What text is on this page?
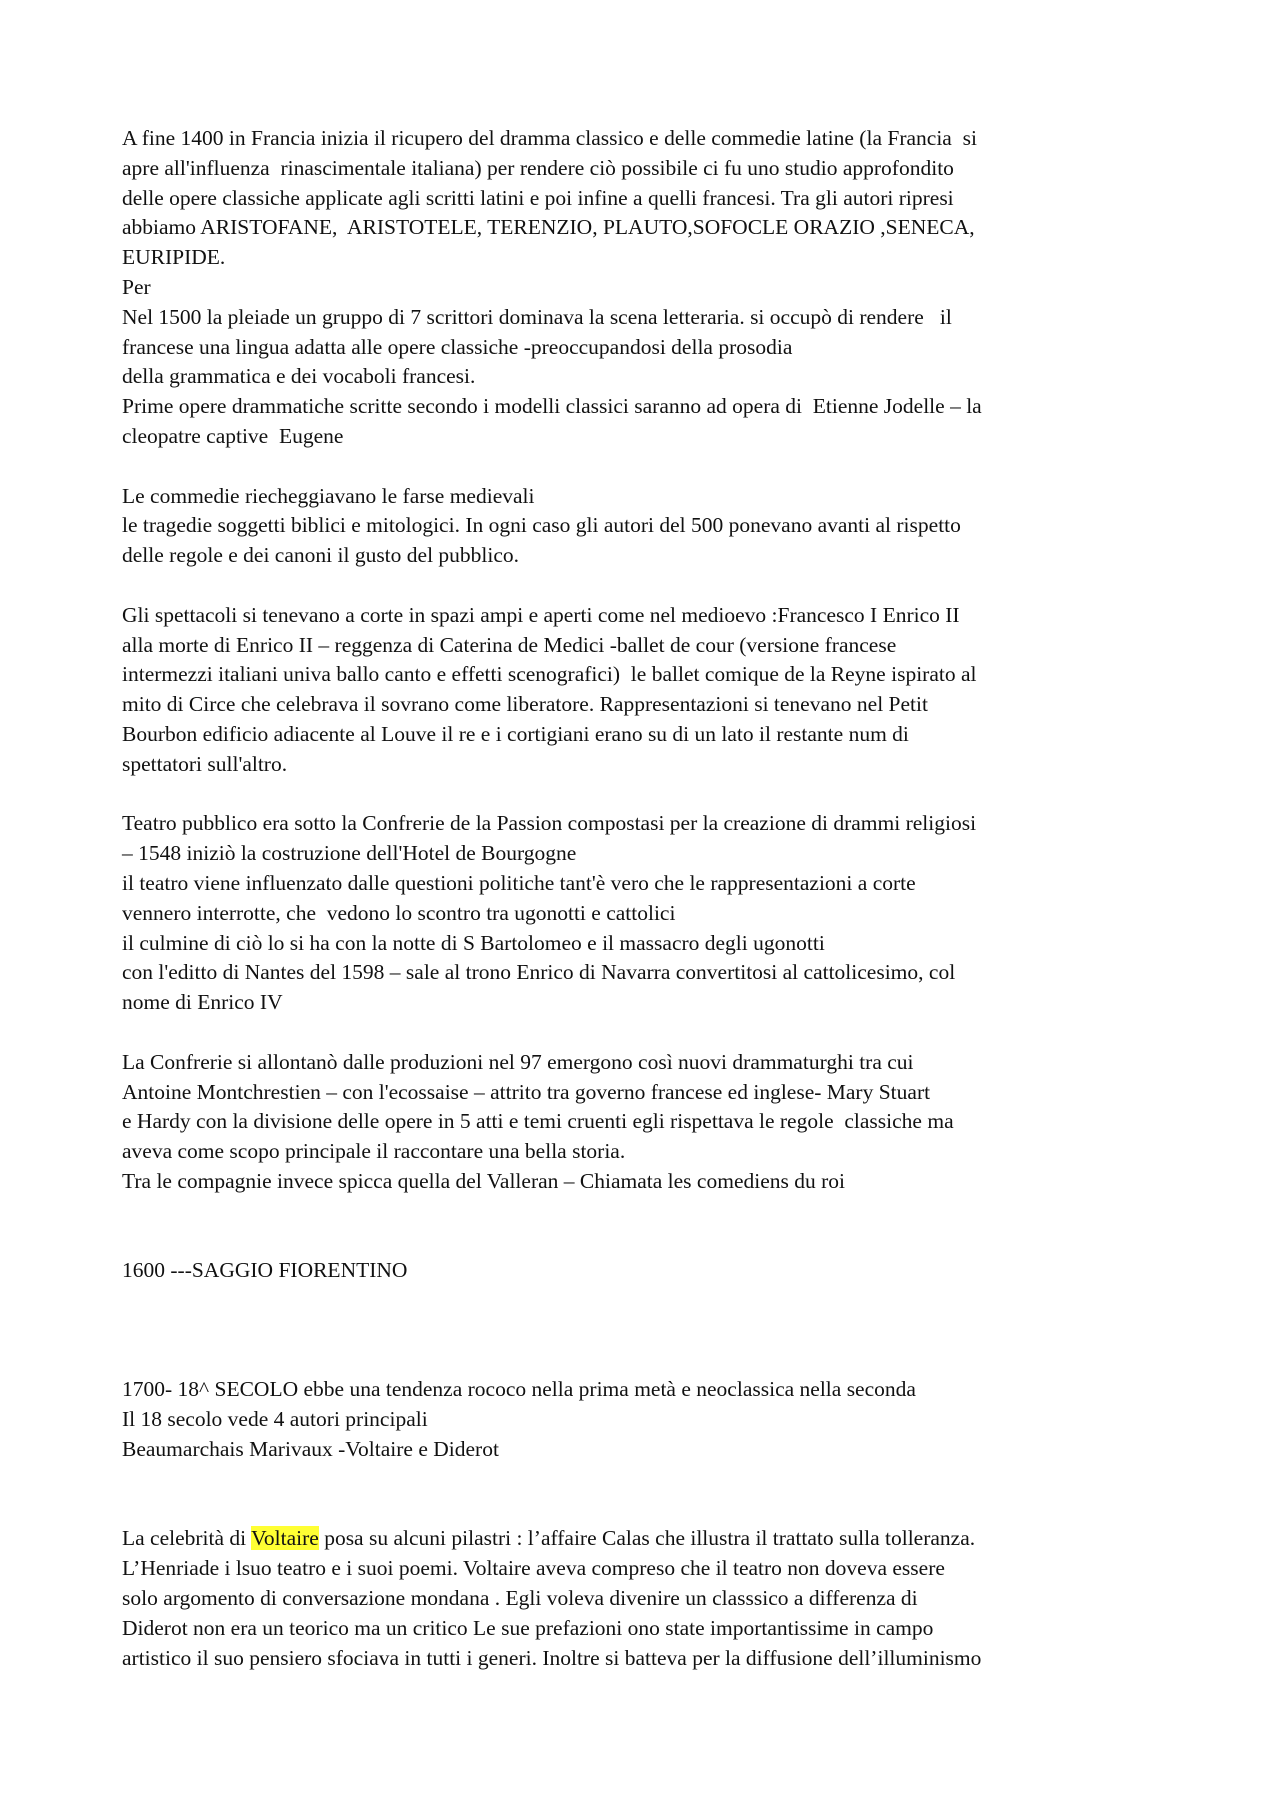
A fine 1400 in Francia inizia il ricupero del dramma classico e delle commedie latine (la Francia  si
apre all'influenza  rinascimentale italiana) per rendere ciò possibile ci fu uno studio approfondito
delle opere classiche applicate agli scritti latini e poi infine a quelli francesi. Tra gli autori ripresi
abbiamo ARISTOFANE,  ARISTOTELE, TERENZIO, PLAUTO,SOFOCLE ORAZIO ,SENECA,
EURIPIDE.
Per
Nel 1500 la pleiade un gruppo di 7 scrittori dominava la scena letteraria. si occupò di rendere   il
francese una lingua adatta alle opere classiche -preoccupandosi della prosodia
della grammatica e dei vocaboli francesi.
Prime opere drammatiche scritte secondo i modelli classici saranno ad opera di  Etienne Jodelle – la
cleopatre captive  Eugene
Le commedie riecheggiavano le farse medievali
le tragedie soggetti biblici e mitologici. In ogni caso gli autori del 500 ponevano avanti al rispetto
delle regole e dei canoni il gusto del pubblico.
Gli spettacoli si tenevano a corte in spazi ampi e aperti come nel medioevo :Francesco I Enrico II
alla morte di Enrico II – reggenza di Caterina de Medici -ballet de cour (versione francese
intermezzi italiani univa ballo canto e effetti scenografici)  le ballet comique de la Reyne ispirato al
mito di Circe che celebrava il sovrano come liberatore. Rappresentazioni si tenevano nel Petit
Bourbon edificio adiacente al Louve il re e i cortigiani erano su di un lato il restante num di
spettatori sull'altro.
Teatro pubblico era sotto la Confrerie de la Passion compostasi per la creazione di drammi religiosi
– 1548 iniziò la costruzione dell'Hotel de Bourgogne
il teatro viene influenzato dalle questioni politiche tant'è vero che le rappresentazioni a corte
vennero interrotte, che  vedono lo scontro tra ugonotti e cattolici
il culmine di ciò lo si ha con la notte di S Bartolomeo e il massacro degli ugonotti
con l'editto di Nantes del 1598 – sale al trono Enrico di Navarra convertitosi al cattolicesimo, col
nome di Enrico IV
La Confrerie si allontanò dalle produzioni nel 97 emergono così nuovi drammaturghi tra cui
Antoine Montchrestien – con l'ecossaise – attrito tra governo francese ed inglese- Mary Stuart
e Hardy con la divisione delle opere in 5 atti e temi cruenti egli rispettava le regole  classiche ma
aveva come scopo principale il raccontare una bella storia.
Tra le compagnie invece spicca quella del Valleran – Chiamata les comediens du roi
1600 ---SAGGIO FIORENTINO
1700- 18^ SECOLO ebbe una tendenza rococo nella prima metà e neoclassica nella seconda
Il 18 secolo vede 4 autori principali
Beaumarchais Marivaux -Voltaire e Diderot
La celebrità di Voltaire posa su alcuni pilastri : l’affaire Calas che illustra il trattato sulla tolleranza.
L’Henriade i lsuo teatro e i suoi poemi. Voltaire aveva compreso che il teatro non doveva essere
solo argomento di conversazione mondana . Egli voleva divenire un classsico a differenza di
Diderot non era un teorico ma un critico Le sue prefazioni ono state importantissime in campo
artistico il suo pensiero sfociava in tutti i generi. Inoltre si batteva per la diffusione dell’illuminismo
